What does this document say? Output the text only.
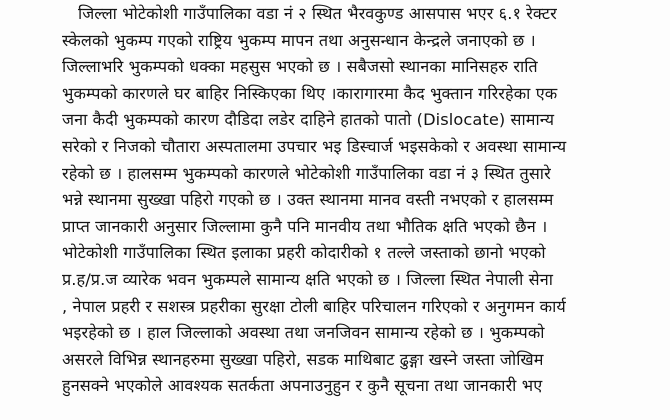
जिल्ला भोटेकोशी गाउँपालिका वडा नं २ स्थित भैरवकुण्ड आसपास भएर ६.१ रेक्टर
स्केलको भुकम्प गएको राष्ट्रिय भुकम्प मापन तथा अनुसन्धान केन्द्रले जनाएको छ ।
जिल्लाभरि भुकम्पको धक्का महसुस भएको छ । सबैजसो स्थानका मानिसहरु राति
भुकम्पको कारणले घर बाहिर निस्किएका थिए ।कारागारमा कैद भुक्तान गरिरहेका एक
जना कैदी भुकम्पको कारण दौडिदा लडेर दाहिने हातको पातो (Dislocate) सामान्य
सरेको र निजको चौतारा अस्पतालमा उपचार भइ डिस्चार्ज भइसकेको र अवस्था सामान्य
रहेको छ । हालसम्म भुकम्पको कारणले भोटेकोशी गाउँपालिका वडा नं ३ स्थित तुसारे
भन्ने स्थानमा सुख्खा पहिरो गएको छ । उक्त स्थानमा मानव वस्ती नभएको र हालसम्म
प्राप्त जानकारी अनुसार जिल्लामा कुनै पनि मानवीय तथा भौतिक क्षति भएको छैन ।
भोटेकोशी गाउँपालिका स्थित इलाका प्रहरी कोदारीको १ तल्ले जस्ताको छानो भएको
प्र.ह/प्र.ज व्यारेक भवन भुकम्पले सामान्य क्षति भएको छ । जिल्ला स्थित नेपाली सेना
, नेपाल प्रहरी र सशस्त्र प्रहरीका सुरक्षा टोली बाहिर परिचालन गरिएको र अनुगमन कार्य
भइरहेको छ । हाल जिल्लाको अवस्था तथा जनजिवन सामान्य रहेको छ । भुकम्पको
असरले विभिन्न स्थानहरुमा सुख्खा पहिरो, सडक माथिबाट ढुङ्गा खस्ने जस्ता जोखिम
हुनसक्ने भएकोले आवश्यक सतर्कता अपनाउनुहुन र कुनै सूचना तथा जानकारी भए
